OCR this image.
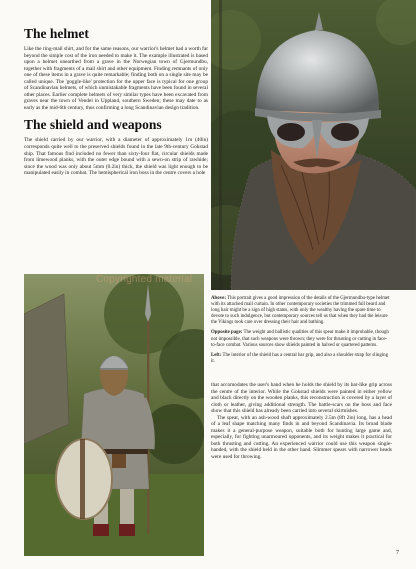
The helmet

Like the ring-mail shirt, and for the same reasons, our warrior's helmet had a worth far beyond the simple cost of the iron needed to make it. The example illustrated is based upon a helmet unearthed from a grave in the Norwegian town of Gjermundbu, together with fragments of a mail shirt and other equipment. Finding remnants of only one of these items in a grave is quite remarkable; finding both on a single site may be called unique. The 'goggle-like' protection for the upper face is typical for one group of Scandinavian helmets, of which unmistakable fragments have been found in several other places. Earlier complete helmets of very similar types have been excavated from graves near the town of Vendel in Uppland, southern Sweden; these may date to as early as the mid-6th century, thus confirming a long Scandinavian design tradition.

The shield and weapons

The shield carried by our warrior, with a diameter of approximately 1m (40in) corresponds quite well to the preserved shields found in the late 9th-century Gokstad ship. That famous find included no fewer than sixty-four flat, circular shields made from limewood planks, with the outer edge bound with a sewn-on strip of rawhide; since the wood was only about 5mm (0.2in) thick, the shield was light enough to be manipulated easily in combat. The hemispherical iron boss in the centre covers a hole

Copyrighted material

Above: This portrait gives a good impression of the details of the Gjermundbu-type helmet with its attached mail curtain. In other contemporary societies the trimmed full beard and long hair might be a sign of high status, with only the wealthy having the spare time to devote to such indulgence, but contemporary sources tell us that when they had the leisure the Vikings took care over dressing their hair and bathing.

Opposite page: The weight and ballistic qualities of this spear make it improbable, though not impossible, that such weapons were thrown; they were for thrusting or cutting in face-to-face combat. Various sources show shields painted in halved or quartered patterns.

Left: The interior of the shield has a central bar grip, and also a shoulder strap for slinging it.

that accomodates the user's hand when he holds the shield by its bar-like grip across the centre of the interior. While the Gokstad shields were painted in either yellow and black directly on the wooden planks, this reconstruction is covered by a layer of cloth or leather, giving additional strength. The battle-scars on the boss and face show that this shield has already been carried into several skirmishes.

The spear, with an ash-wood shaft approximately 2.5m (8ft 2in) long, has a head of a leaf shape matching many finds in and beyond Scandinavia. Its broad blade makes it a general-purpose weapon, suitable both for hunting large game and, especially, for fighting unarmoured opponents, and its weight makes it practical for both thrusting and cutting. An experienced warrior could use this weapon single-handed, with the shield held in the other hand. Slimmer spears with narrower heads were used for throwing.

7
